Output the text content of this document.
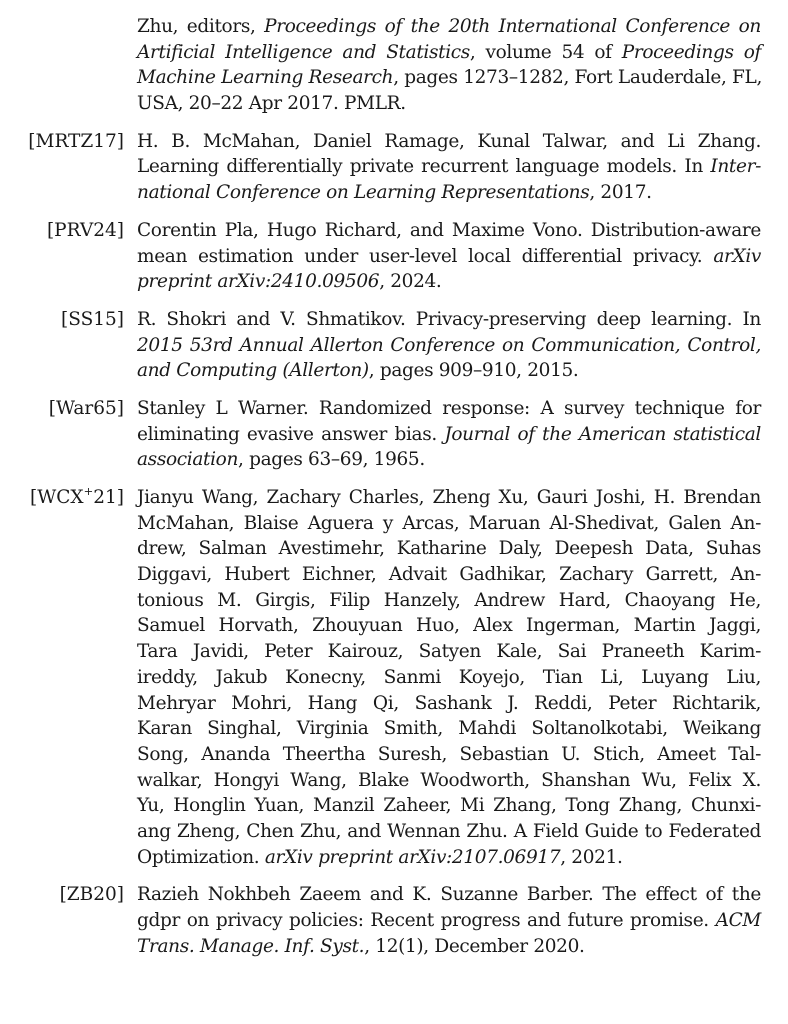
Zhu, editors, Proceedings of the 20th International Conference on
Artificial Intelligence and Statistics, volume 54 of Proceedings of
Machine Learning Research, pages 1273–1282, Fort Lauderdale, FL,
USA, 20–22 Apr 2017. PMLR.
[MRTZ17] H. B. McMahan, Daniel Ramage, Kunal Talwar, and Li Zhang.
Learning differentially private recurrent language models. In Inter-
national Conference on Learning Representations, 2017.
[PRV24] Corentin Pla, Hugo Richard, and Maxime Vono. Distribution-aware
mean estimation under user-level local differential privacy. arXiv
preprint arXiv:2410.09506, 2024.
[SS15] R. Shokri and V. Shmatikov. Privacy-preserving deep learning. In
2015 53rd Annual Allerton Conference on Communication, Control,
and Computing (Allerton), pages 909–910, 2015.
[War65] Stanley L Warner. Randomized response: A survey technique for
eliminating evasive answer bias. Journal of the American statistical
association, pages 63–69, 1965.
[WCX+21] Jianyu Wang, Zachary Charles, Zheng Xu, Gauri Joshi, H. Brendan
McMahan, Blaise Aguera y Arcas, Maruan Al-Shedivat, Galen An-
drew, Salman Avestimehr, Katharine Daly, Deepesh Data, Suhas
Diggavi, Hubert Eichner, Advait Gadhikar, Zachary Garrett, An-
tonious M. Girgis, Filip Hanzely, Andrew Hard, Chaoyang He,
Samuel Horvath, Zhouyuan Huo, Alex Ingerman, Martin Jaggi,
Tara Javidi, Peter Kairouz, Satyen Kale, Sai Praneeth Karim-
ireddy, Jakub Konecny, Sanmi Koyejo, Tian Li, Luyang Liu,
Mehryar Mohri, Hang Qi, Sashank J. Reddi, Peter Richtarik,
Karan Singhal, Virginia Smith, Mahdi Soltanolkotabi, Weikang
Song, Ananda Theertha Suresh, Sebastian U. Stich, Ameet Tal-
walkar, Hongyi Wang, Blake Woodworth, Shanshan Wu, Felix X.
Yu, Honglin Yuan, Manzil Zaheer, Mi Zhang, Tong Zhang, Chunxi-
ang Zheng, Chen Zhu, and Wennan Zhu. A Field Guide to Federated
Optimization. arXiv preprint arXiv:2107.06917, 2021.
[ZB20] Razieh Nokhbeh Zaeem and K. Suzanne Barber. The effect of the
gdpr on privacy policies: Recent progress and future promise. ACM
Trans. Manage. Inf. Syst., 12(1), December 2020.
